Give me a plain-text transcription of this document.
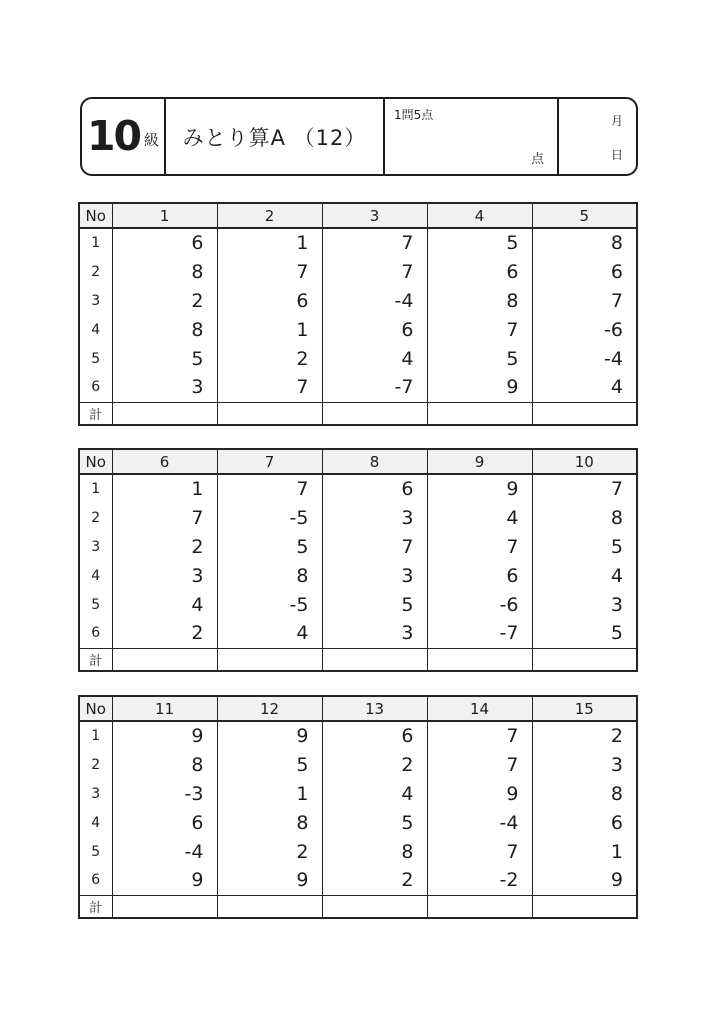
10 級 みとり算A （12）
1問5点
点
月
日
No	1	2	3	4	5
1	6	1	7	5	8
2	8	7	7	6	6
3	2	6	-4	8	7
4	8	1	6	7	-6
5	5	2	4	5	-4
6	3	7	-7	9	4
計					
No	6	7	8	9	10
1	1	7	6	9	7
2	7	-5	3	4	8
3	2	5	7	7	5
4	3	8	3	6	4
5	4	-5	5	-6	3
6	2	4	3	-7	5
計					
No	11	12	13	14	15
1	9	9	6	7	2
2	8	5	2	7	3
3	-3	1	4	9	8
4	6	8	5	-4	6
5	-4	2	8	7	1
6	9	9	2	-2	9
計					
